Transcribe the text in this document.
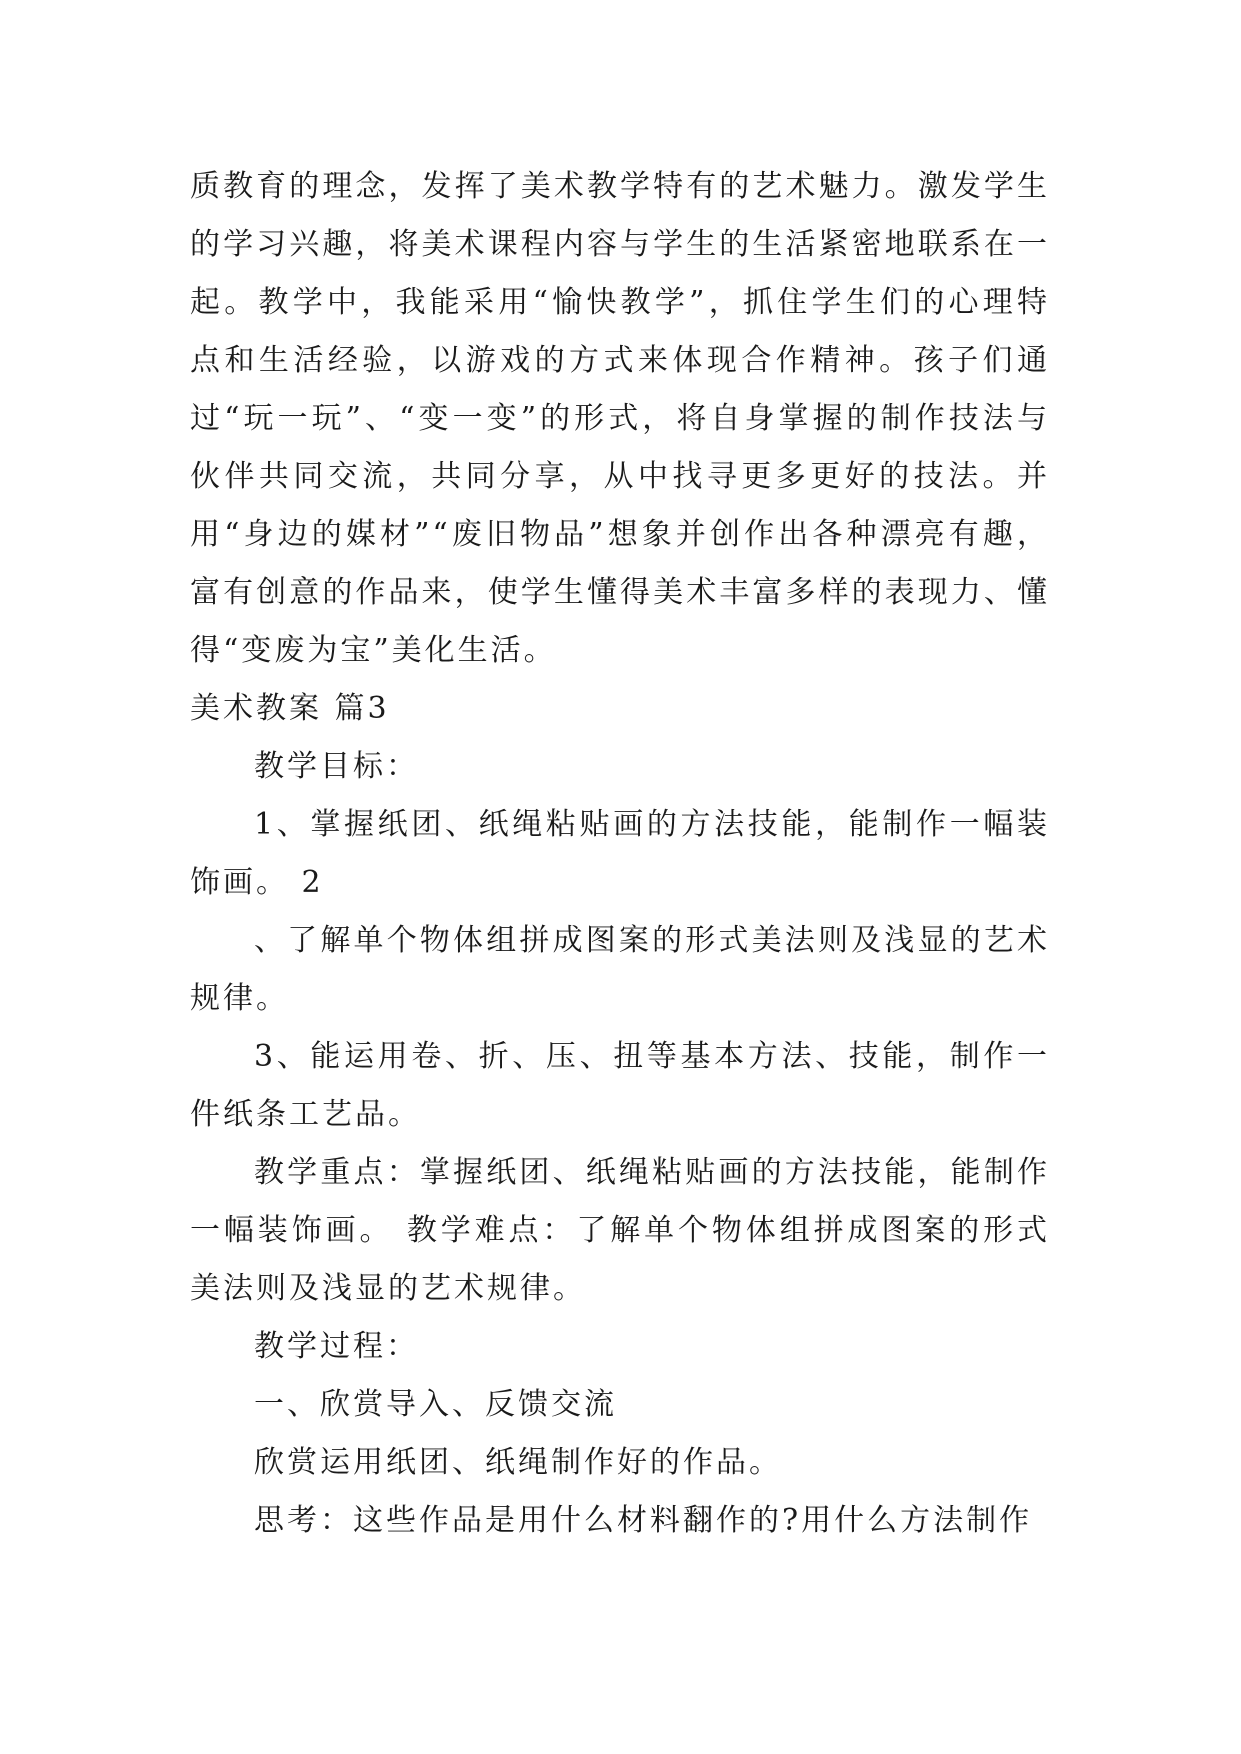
质教育的理念，发挥了美术教学特有的艺术魅力。激发学生的学习兴趣，将美术课程内容与学生的生活紧密地联系在一起。教学中，我能采用“愉快教学”，抓住学生们的心理特点和生活经验，以游戏的方式来体现合作精神。孩子们通过“玩一玩”、“变一变”的形式，将自身掌握的制作技法与伙伴共同交流，共同分享，从中找寻更多更好的技法。并用“身边的媒材”“废旧物品”想象并创作出各种漂亮有趣，富有创意的作品来，使学生懂得美术丰富多样的表现力、懂得“变废为宝”美化生活。

美术教案 篇3

教学目标：

1、掌握纸团、纸绳粘贴画的方法技能，能制作一幅装饰画。 2

、了解单个物体组拼成图案的形式美法则及浅显的艺术规律。

3、能运用卷、折、压、扭等基本方法、技能，制作一件纸条工艺品。

教学重点：掌握纸团、纸绳粘贴画的方法技能，能制作一幅装饰画。 教学难点：了解单个物体组拼成图案的形式美法则及浅显的艺术规律。

教学过程：

一、欣赏导入、反馈交流

欣赏运用纸团、纸绳制作好的作品。

思考：这些作品是用什么材料翻作的?用什么方法制作
